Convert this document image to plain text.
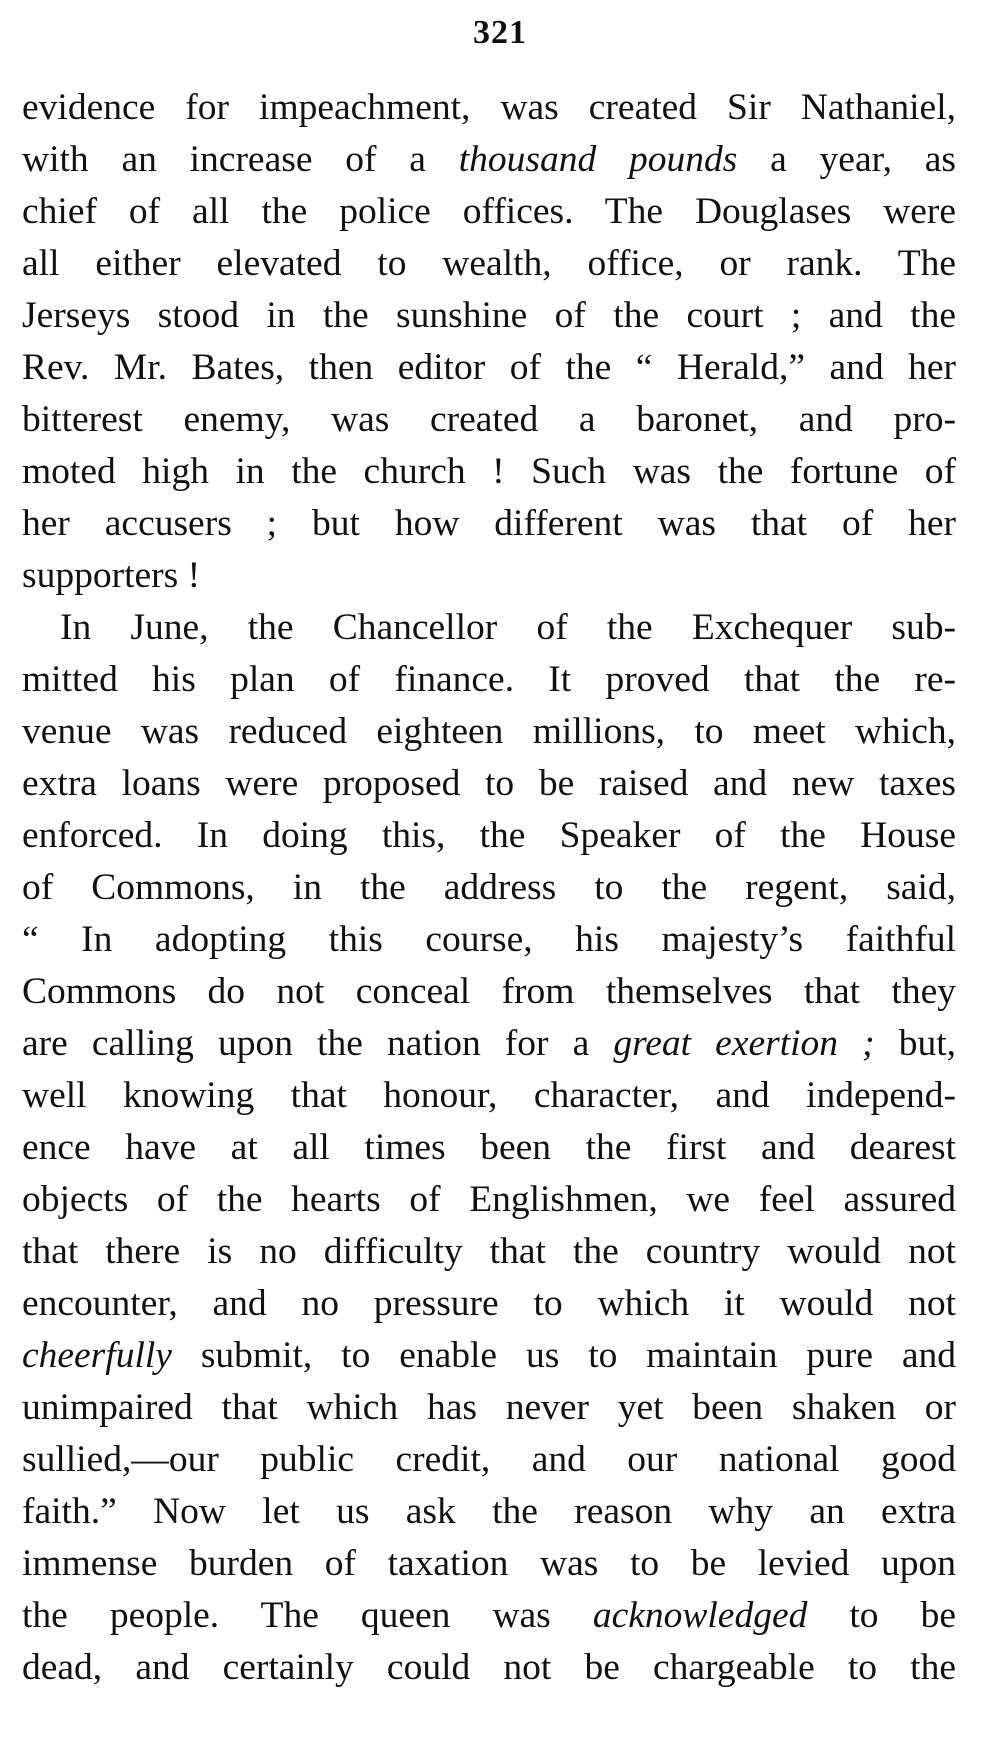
321
evidence for impeachment, was created Sir Nathaniel,
with an increase of a thousand pounds a year, as
chief of all the police offices. The Douglases were
all either elevated to wealth, office, or rank. The
Jerseys stood in the sunshine of the court ; and the
Rev. Mr. Bates, then editor of the “ Herald,” and her
bitterest enemy, was created a baronet, and pro-
moted high in the church ! Such was the fortune of
her accusers ; but how different was that of her
supporters !
In June, the Chancellor of the Exchequer sub-
mitted his plan of finance. It proved that the re-
venue was reduced eighteen millions, to meet which,
extra loans were proposed to be raised and new taxes
enforced. In doing this, the Speaker of the House
of Commons, in the address to the regent, said,
“ In adopting this course, his majesty’s faithful
Commons do not conceal from themselves that they
are calling upon the nation for a great exertion ; but,
well knowing that honour, character, and independ-
ence have at all times been the first and dearest
objects of the hearts of Englishmen, we feel assured
that there is no difficulty that the country would not
encounter, and no pressure to which it would not
cheerfully submit, to enable us to maintain pure and
unimpaired that which has never yet been shaken or
sullied,—our public credit, and our national good
faith.” Now let us ask the reason why an extra
immense burden of taxation was to be levied upon
the people. The queen was acknowledged to be
dead, and certainly could not be chargeable to the
